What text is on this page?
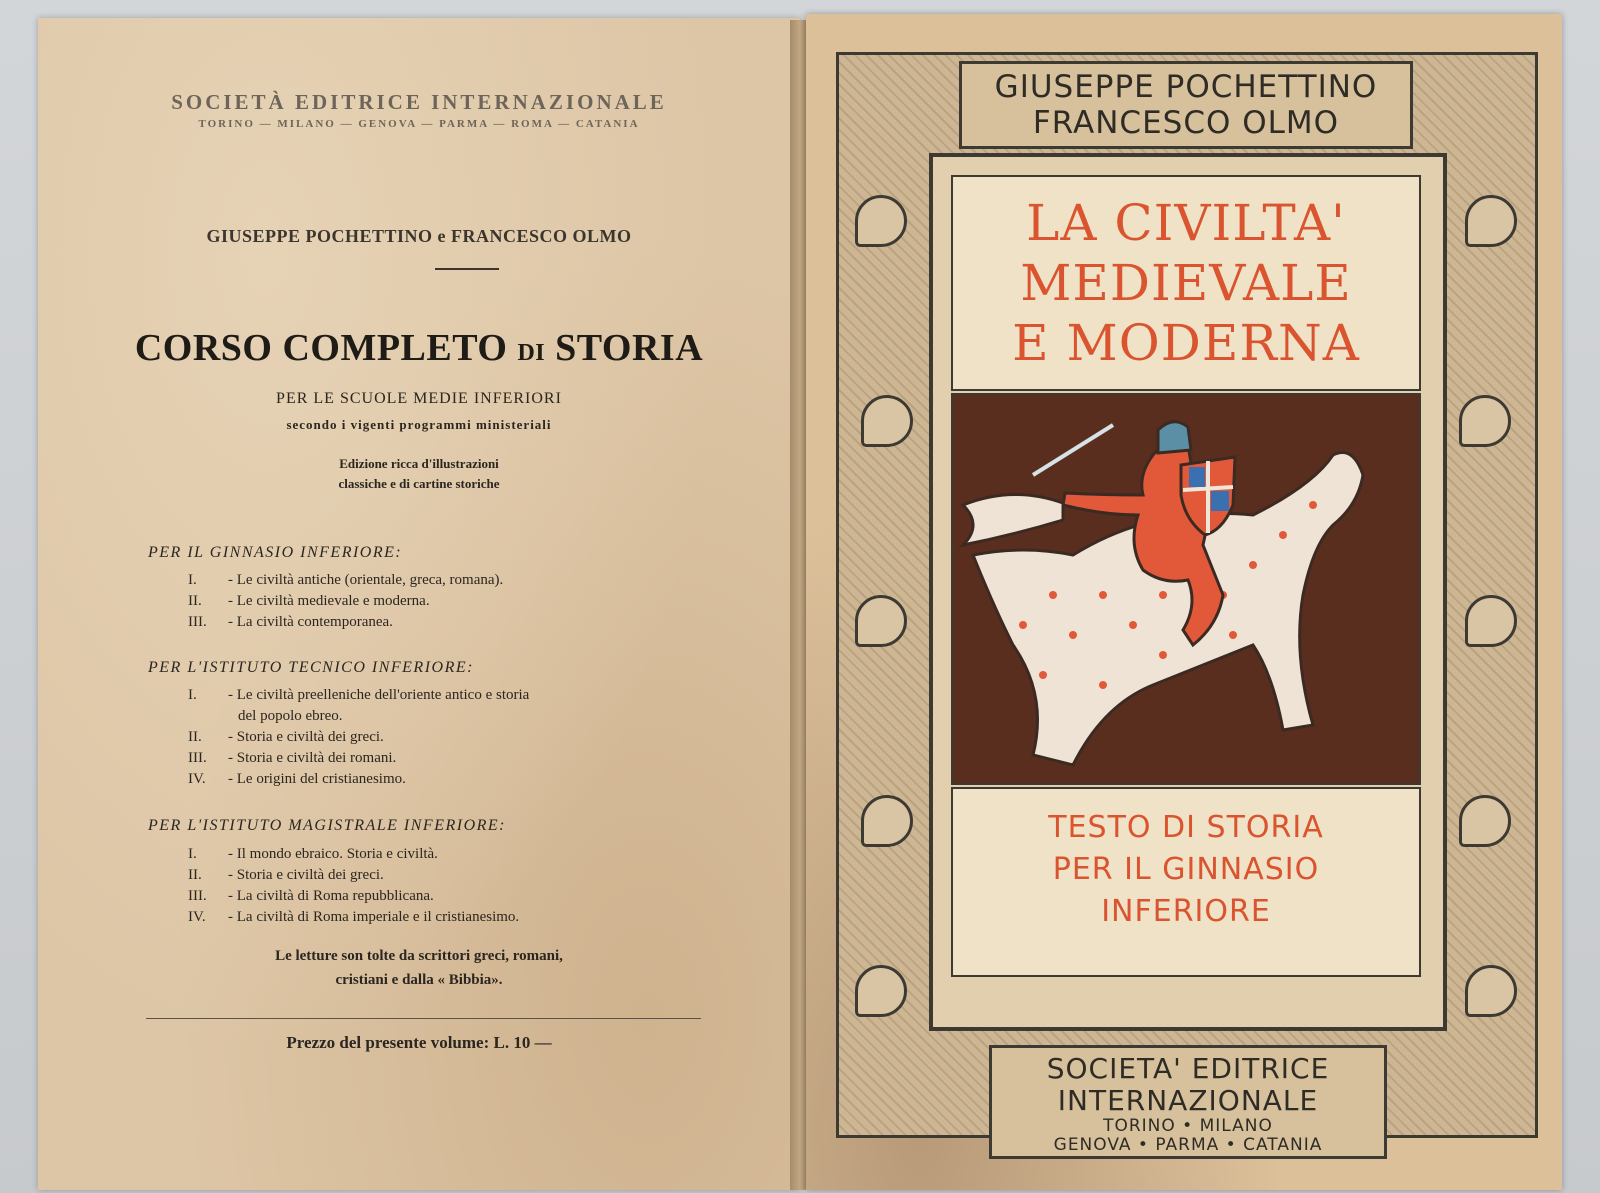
SOCIETÀ EDITRICE INTERNAZIONALE
TORINO — MILANO — GENOVA — PARMA — ROMA — CATANIA
GIUSEPPE POCHETTINO e FRANCESCO OLMO
CORSO COMPLETO DI STORIA
PER LE SCUOLE MEDIE INFERIORI
secondo i vigenti programmi ministeriali
Edizione ricca d'illustrazioni
classiche e di cartine storiche
PER IL GINNASIO INFERIORE:
I. - Le civiltà antiche (orientale, greca, romana).
II. - Le civiltà medievale e moderna.
III. - La civiltà contemporanea.
PER L'ISTITUTO TECNICO INFERIORE:
I. - Le civiltà preelleniche dell'oriente antico e storia
del popolo ebreo.
II. - Storia e civiltà dei greci.
III. - Storia e civiltà dei romani.
IV. - Le origini del cristianesimo.
PER L'ISTITUTO MAGISTRALE INFERIORE:
I. - Il mondo ebraico. Storia e civiltà.
II. - Storia e civiltà dei greci.
III. - La civiltà di Roma repubblicana.
IV. - La civiltà di Roma imperiale e il cristianesimo.
Le letture son tolte da scrittori greci, romani,
cristiani e dalla « Bibbia».
Prezzo del presente volume: L. 10 —
GIUSEPPE POCHETTINO
FRANCESCO OLMO
LA CIVILTA'
MEDIEVALE
E MODERNA
TESTO DI STORIA
PER IL GINNASIO
INFERIORE
SOCIETA' EDITRICE
INTERNAZIONALE
TORINO • MILANO
GENOVA • PARMA • CATANIA
